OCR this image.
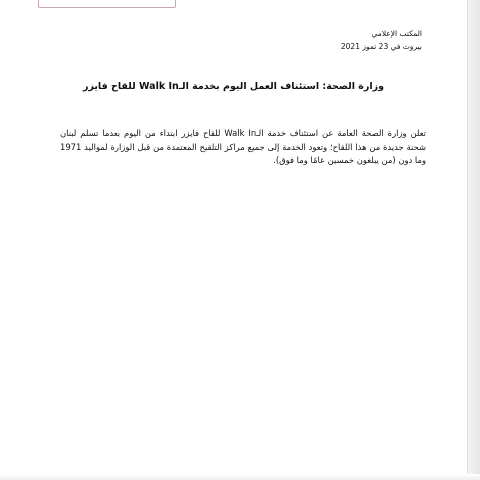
المكتب الإعلامي
بيروت في 23 تموز 2021
وزارة الصحة: استئناف العمل اليوم بخدمة الـWalk In للقاح فايزر
تعلن وزارة الصحة العامة عن استئناف خدمة الـWalk In للقاح فايزر ابتداء من اليوم بعدما تسلم لبنان شحنة جديدة من هذا اللقاح؛ وتعود الخدمة إلى جميع مراكز التلقيح المعتمدة من قبل الوزارة لمواليد 1971 وما دون (من يبلغون خمسين عامًا وما فوق).
